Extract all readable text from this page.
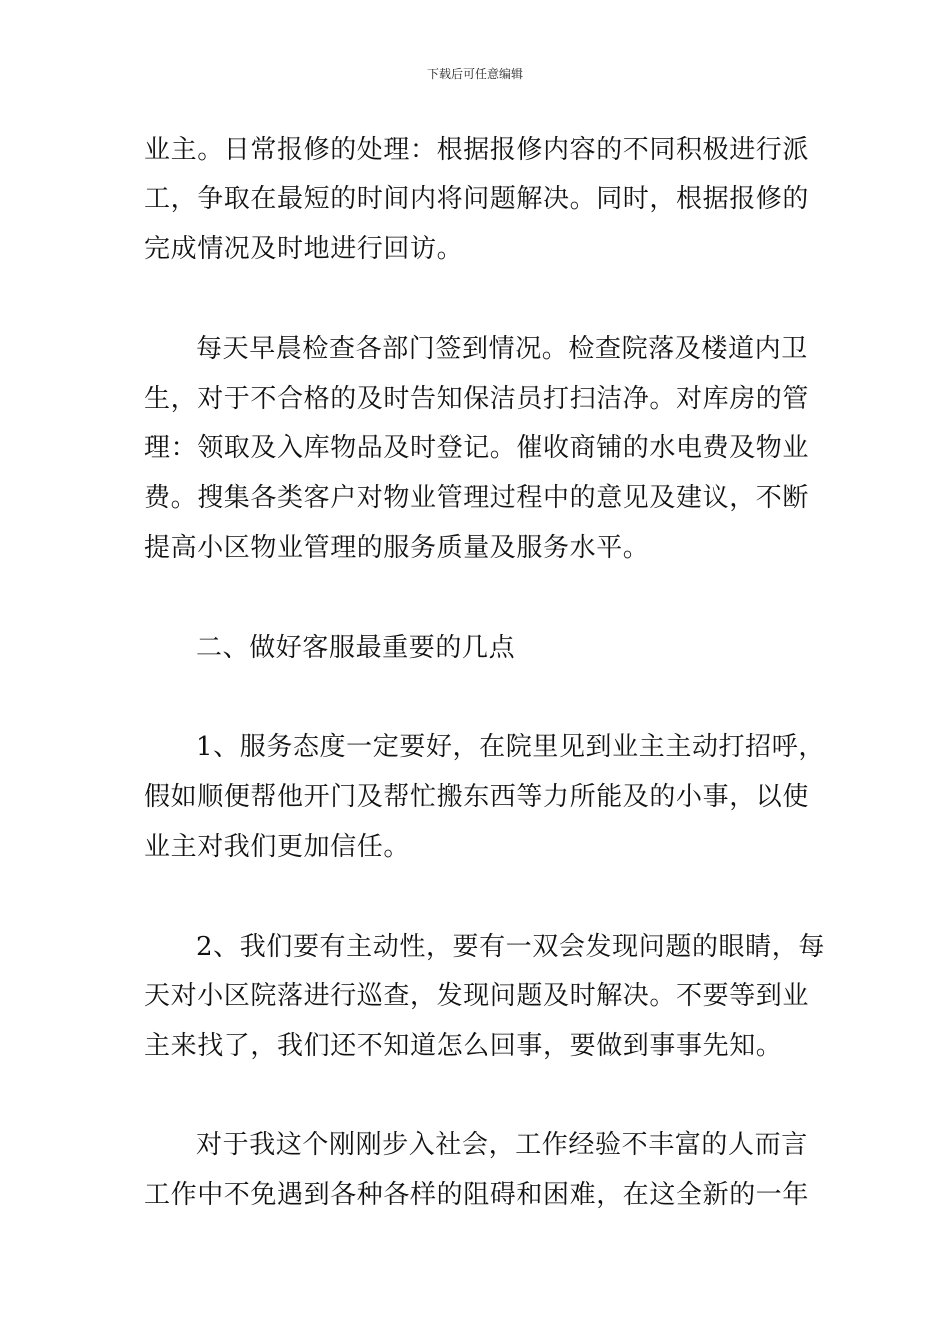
下载后可任意编辑
业主。日常报修的处理：根据报修内容的不同积极进行派
工，争取在最短的时间内将问题解决。同时，根据报修的
完成情况及时地进行回访。
每天早晨检查各部门签到情况。检查院落及楼道内卫
生，对于不合格的及时告知保洁员打扫洁净。对库房的管
理：领取及入库物品及时登记。催收商铺的水电费及物业
费。搜集各类客户对物业管理过程中的意见及建议，不断
提高小区物业管理的服务质量及服务水平。
二、做好客服最重要的几点
1、服务态度一定要好，在院里见到业主主动打招呼，
假如顺便帮他开门及帮忙搬东西等力所能及的小事，以使
业主对我们更加信任。
2、我们要有主动性，要有一双会发现问题的眼睛，每
天对小区院落进行巡查，发现问题及时解决。不要等到业
主来找了，我们还不知道怎么回事，要做到事事先知。
对于我这个刚刚步入社会，工作经验不丰富的人而言
工作中不免遇到各种各样的阻碍和困难，在这全新的一年
